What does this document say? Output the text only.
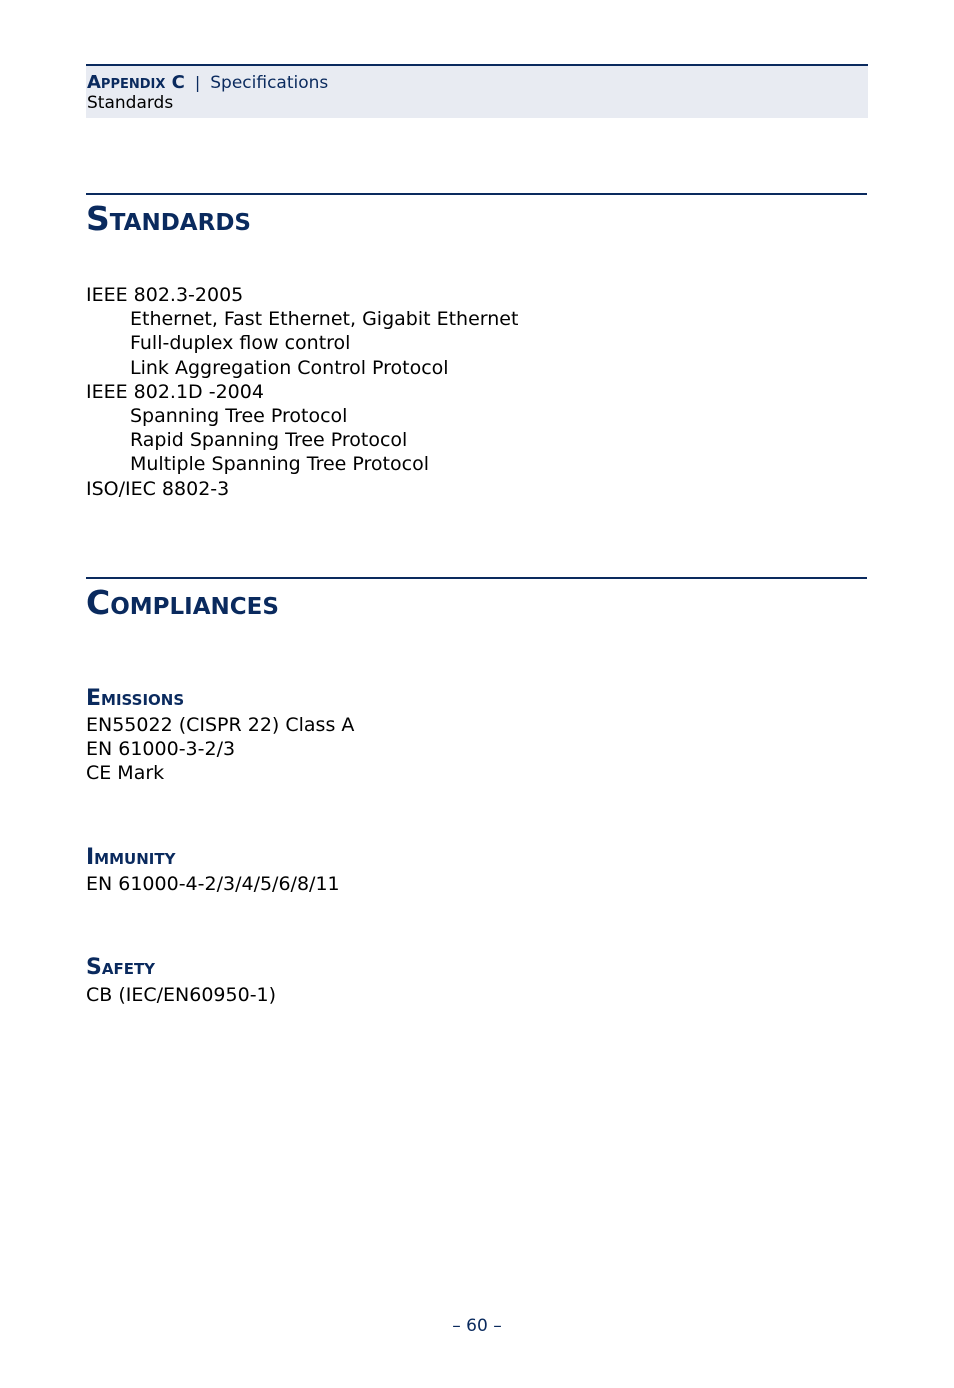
Appendix C | Specifications
Standards
Standards
IEEE 802.3-2005
Ethernet, Fast Ethernet, Gigabit Ethernet
Full-duplex flow control
Link Aggregation Control Protocol
IEEE 802.1D -2004
Spanning Tree Protocol
Rapid Spanning Tree Protocol
Multiple Spanning Tree Protocol
ISO/IEC 8802-3
Compliances
Emissions
EN55022 (CISPR 22) Class A
EN 61000-3-2/3
CE Mark
Immunity
EN 61000-4-2/3/4/5/6/8/11
Safety
CB (IEC/EN60950-1)
– 60 –
